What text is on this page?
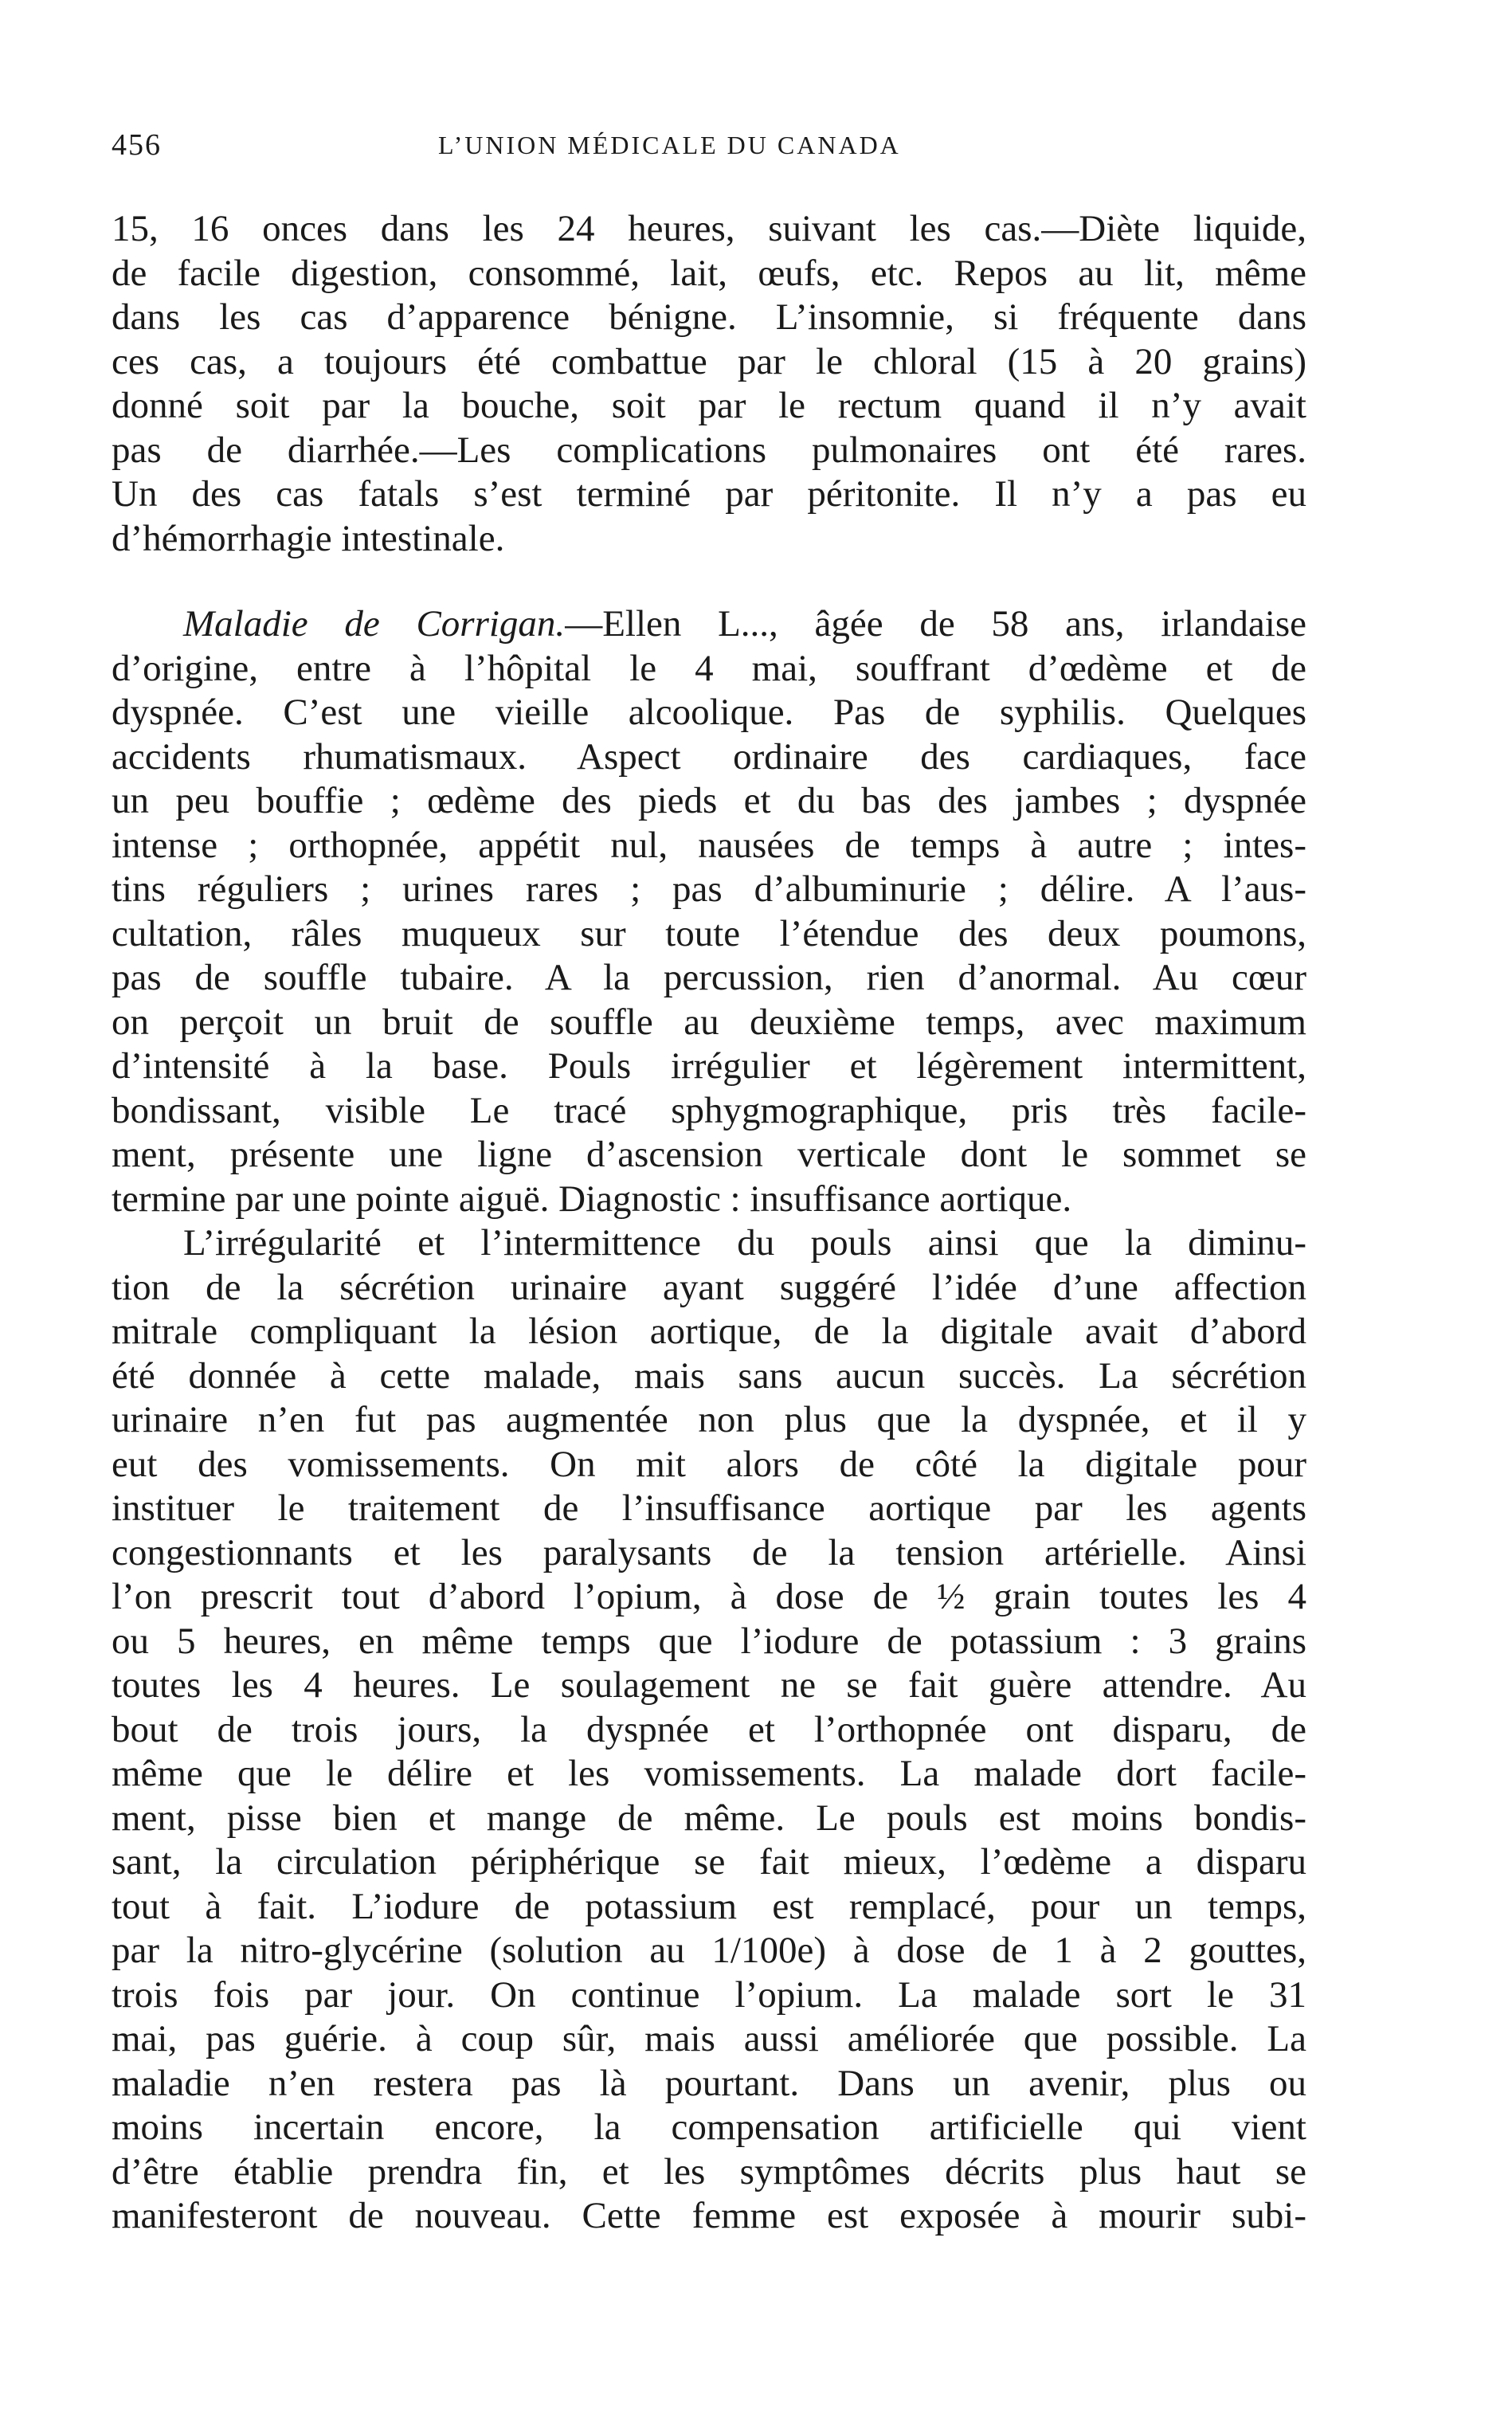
456	L’UNION MÉDICALE DU CANADA
15, 16 onces dans les 24 heures, suivant les cas.—Diète liquide,
de facile digestion, consommé, lait, œufs, etc. Repos au lit, même
dans les cas d’apparence bénigne. L’insomnie, si fréquente dans
ces cas, a toujours été combattue par le chloral (15 à 20 grains)
donné soit par la bouche, soit par le rectum quand il n’y avait
pas de diarrhée.—Les complications pulmonaires ont été rares.
Un des cas fatals s’est terminé par péritonite. Il n’y a pas eu
d’hémorrhagie intestinale.
Maladie de Corrigan.—Ellen L..., âgée de 58 ans, irlandaise
d’origine, entre à l’hôpital le 4 mai, souffrant d’œdème et de
dyspnée. C’est une vieille alcoolique. Pas de syphilis. Quelques
accidents rhumatismaux. Aspect ordinaire des cardiaques, face
un peu bouffie ; œdème des pieds et du bas des jambes ; dyspnée
intense ; orthopnée, appétit nul, nausées de temps à autre ; intes-
tins réguliers ; urines rares ; pas d’albuminurie ; délire. A l’aus-
cultation, râles muqueux sur toute l’étendue des deux poumons,
pas de souffle tubaire. A la percussion, rien d’anormal. Au cœur
on perçoit un bruit de souffle au deuxième temps, avec maximum
d’intensité à la base. Pouls irrégulier et légèrement intermittent,
bondissant, visible Le tracé sphygmographique, pris très facile-
ment, présente une ligne d’ascension verticale dont le sommet se
termine par une pointe aiguë. Diagnostic : insuffisance aortique.
L’irrégularité et l’intermittence du pouls ainsi que la diminu-
tion de la sécrétion urinaire ayant suggéré l’idée d’une affection
mitrale compliquant la lésion aortique, de la digitale avait d’abord
été donnée à cette malade, mais sans aucun succès. La sécrétion
urinaire n’en fut pas augmentée non plus que la dyspnée, et il y
eut des vomissements. On mit alors de côté la digitale pour
instituer le traitement de l’insuffisance aortique par les agents
congestionnants et les paralysants de la tension artérielle. Ainsi
l’on prescrit tout d’abord l’opium, à dose de ½ grain toutes les 4
ou 5 heures, en même temps que l’iodure de potassium : 3 grains
toutes les 4 heures. Le soulagement ne se fait guère attendre. Au
bout de trois jours, la dyspnée et l’orthopnée ont disparu, de
même que le délire et les vomissements. La malade dort facile-
ment, pisse bien et mange de même. Le pouls est moins bondis-
sant, la circulation périphérique se fait mieux, l’œdème a disparu
tout à fait. L’iodure de potassium est remplacé, pour un temps,
par la nitro-glycérine (solution au 1/100e) à dose de 1 à 2 gouttes,
trois fois par jour. On continue l’opium. La malade sort le 31
mai, pas guérie. à coup sûr, mais aussi améliorée que possible. La
maladie n’en restera pas là pourtant. Dans un avenir, plus ou
moins incertain encore, la compensation artificielle qui vient
d’être établie prendra fin, et les symptômes décrits plus haut se
manifesteront de nouveau. Cette femme est exposée à mourir subi-
